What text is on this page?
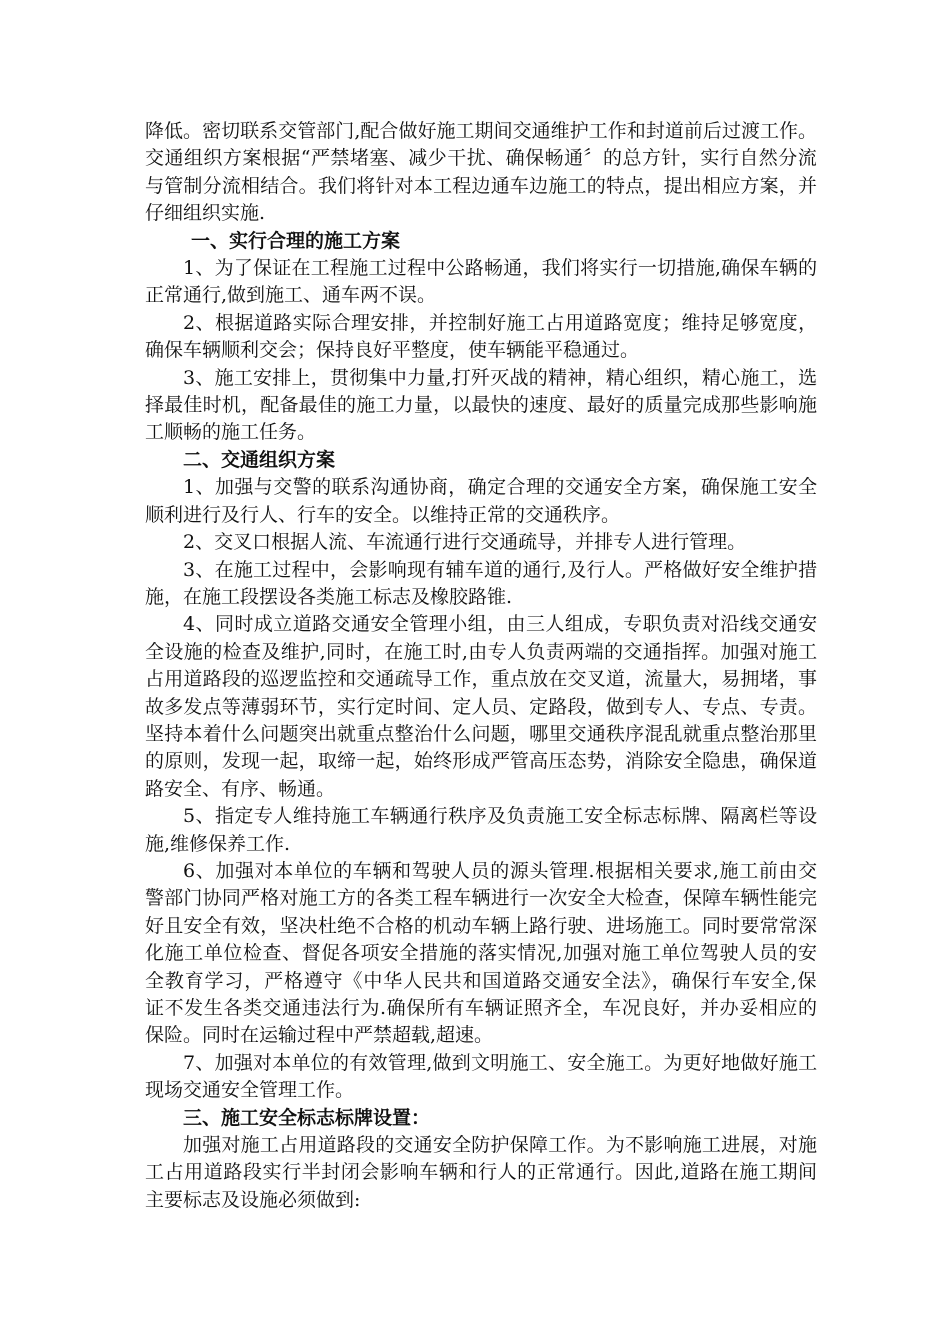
降低。密切联系交管部门,配合做好施工期间交通维护工作和封道前后过渡工作。
交通组织方案根据“严禁堵塞、减少干扰、确保畅通〞的总方针，实行自然分流
与管制分流相结合。我们将针对本工程边通车边施工的特点，提出相应方案，并
仔细组织实施.
一、实行合理的施工方案
1、为了保证在工程施工过程中公路畅通，我们将实行一切措施,确保车辆的
正常通行,做到施工、通车两不误。
2、根据道路实际合理安排，并控制好施工占用道路宽度；维持足够宽度，
确保车辆顺利交会；保持良好平整度，使车辆能平稳通过。
3、施工安排上，贯彻集中力量,打歼灭战的精神，精心组织，精心施工，选
择最佳时机，配备最佳的施工力量，以最快的速度、最好的质量完成那些影响施
工顺畅的施工任务。
二、交通组织方案
1、加强与交警的联系沟通协商，确定合理的交通安全方案，确保施工安全
顺利进行及行人、行车的安全。以维持正常的交通秩序。
2、交叉口根据人流、车流通行进行交通疏导，并排专人进行管理。
3、在施工过程中，会影响现有辅车道的通行,及行人。严格做好安全维护措
施，在施工段摆设各类施工标志及橡胶路锥.
4、同时成立道路交通安全管理小组，由三人组成，专职负责对沿线交通安
全设施的检查及维护,同时，在施工时,由专人负责两端的交通指挥。加强对施工
占用道路段的巡逻监控和交通疏导工作，重点放在交叉道，流量大，易拥堵，事
故多发点等薄弱环节，实行定时间、定人员、定路段，做到专人、专点、专责。
坚持本着什么问题突出就重点整治什么问题，哪里交通秩序混乱就重点整治那里
的原则，发现一起，取缔一起，始终形成严管高压态势，消除安全隐患，确保道
路安全、有序、畅通。
5、指定专人维持施工车辆通行秩序及负责施工安全标志标牌、隔离栏等设
施,维修保养工作.
6、加强对本单位的车辆和驾驶人员的源头管理.根据相关要求,施工前由交
警部门协同严格对施工方的各类工程车辆进行一次安全大检查，保障车辆性能完
好且安全有效，坚决杜绝不合格的机动车辆上路行驶、进场施工。同时要常常深
化施工单位检查、督促各项安全措施的落实情况,加强对施工单位驾驶人员的安
全教育学习，严格遵守《中华人民共和国道路交通安全法》，确保行车安全,保
证不发生各类交通违法行为.确保所有车辆证照齐全，车况良好，并办妥相应的
保险。同时在运输过程中严禁超载,超速。
7、加强对本单位的有效管理,做到文明施工、安全施工。为更好地做好施工
现场交通安全管理工作。
三、施工安全标志标牌设置：
加强对施工占用道路段的交通安全防护保障工作。为不影响施工进展，对施
工占用道路段实行半封闭会影响车辆和行人的正常通行。因此,道路在施工期间
主要标志及设施必须做到:
